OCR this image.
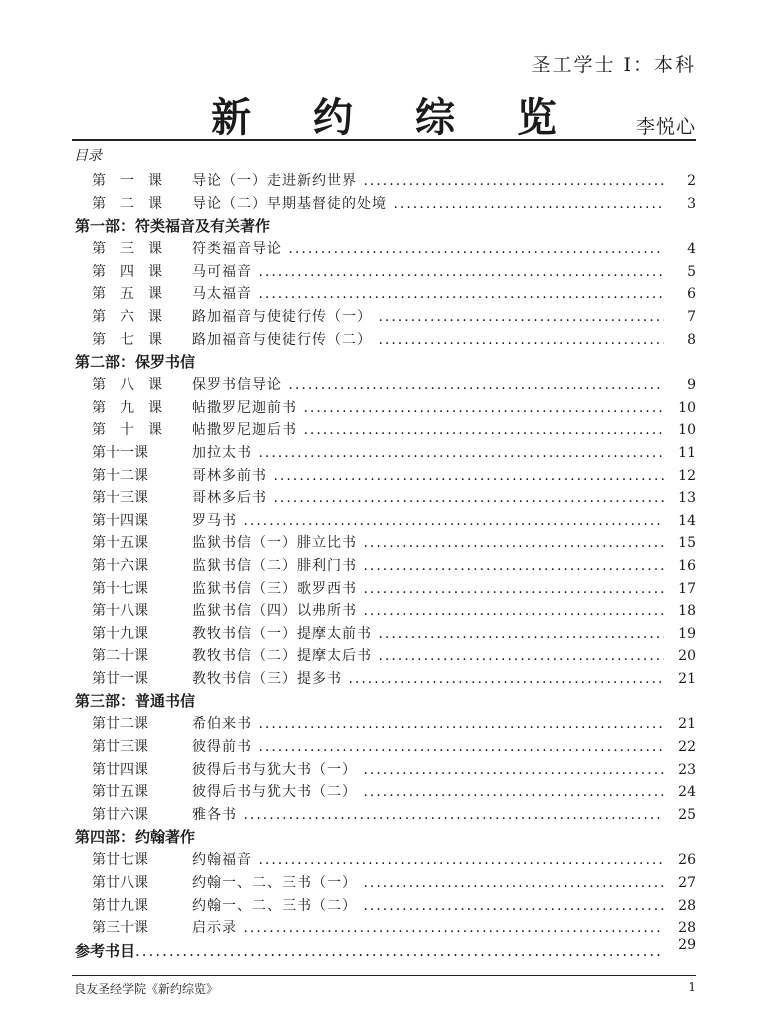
圣工学士 I：本科
新 约 综 览	李悦心
目录
第 一 课 导论（一）走进新约世界 .....	2
第 二 课 导论（二）早期基督徒的处境 .....	3
第一部：符类福音及有关著作
第 三 课 符类福音导论 .....	4
第 四 课 马可福音 .....	5
第 五 课 马太福音 .....	6
第 六 课 路加福音与使徒行传（一） .....	7
第 七 课 路加福音与使徒行传（二） .....	8
第二部：保罗书信
第 八 课 保罗书信导论 .....	9
第 九 课 帖撒罗尼迦前书 .....	10
第 十 课 帖撒罗尼迦后书 .....	10
第十一课	加拉太书 .....	11
第十二课	哥林多前书 .....	12
第十三课	哥林多后书 .....	13
第十四课	罗马书 .....	14
第十五课	监狱书信（一）腓立比书 .....	15
第十六课	监狱书信（二）腓利门书 .....	16
第十七课	监狱书信（三）歌罗西书 .....	17
第十八课	监狱书信（四）以弗所书 .....	18
第十九课	教牧书信（一）提摩太前书 .....	19
第二十课	教牧书信（二）提摩太后书 .....	20
第廿一课	教牧书信（三）提多书 .....	21
第三部：普通书信
第廿二课	希伯来书 .....	21
第廿三课	彼得前书 .....	22
第廿四课	彼得后书与犹大书（一） .....	23
第廿五课	彼得后书与犹大书（二） .....	24
第廿六课	雅各书 .....	25
第四部：约翰著作
第廿七课	约翰福音 .....	26
第廿八课	约翰一、二、三书（一） .....	27
第廿九课	约翰一、二、三书（二） .....	28
第三十课	启示录 .....	28
参考书目 .....	29
良友圣经学院《新约综览》	1
